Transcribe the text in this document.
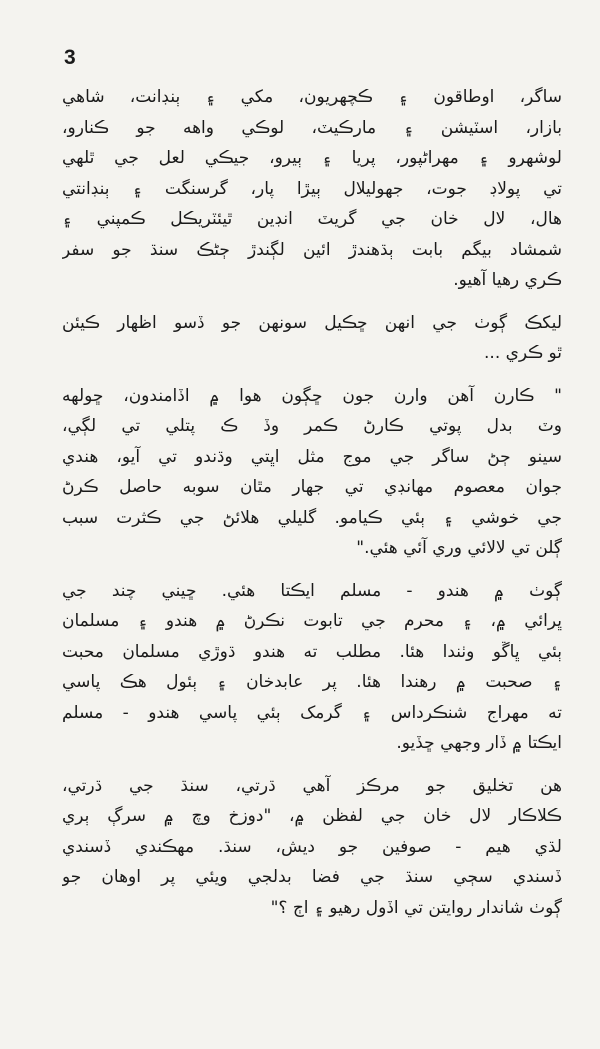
3
ساگر، اوطاقون ۽ ڪچهريون، مکي ۽ ٻنڊانت، شاهي
بازار، اسٽيشن ۽ مارڪيٽ، لوڪي واهه جو ڪنارو،
لوشهرو ۽ مهراڻپور، پريا ۽ ٻيرو، جيڪي لعل جي ٿلهي
تي پولاڊ جوت، جهوليلال ٻيڙا پار، گرسنگت ۽ ٻنڊانتي
هال، لال خان جي گريٽ انڊين ٿيئٽريڪل ڪمپني ۽
شمشاد بيگم بابت ٻڌهندڙ ائين لڳندڙ ڄڻڪ سنڌ جو سفر
ڪري رهيا آهيو.
ليکڪ ڳوٺ جي انهن ڇڪيل سونهن جو ڏسو اظهار ڪيئن
ٿو ڪري ...
" ڪارن آهن وارن جون ڇڳون هوا ۾ اڏامندون، ڇولهه
وٽ بدل پوتي ڪارڻ ڪمر وڏ ڪ پتلي تي لڳي،
سينو ڄڻ ساگر جي موج مثل اڀتي وڌندو تي آيو، هندي
جوان معصوم مهانڊي تي جهار مٿان سوبه حاصل ڪرڻ
جي خوشي ۽ ٻئي ڪيامو. گليلي هلائڻ جي ڪثرت سبب
ڳلن تي لالائي وري آئي هئي."
ڳوٺ ۾ هندو - مسلم ايڪتا هئي. ڇيني چند جي
ڀرائي ۾، ۽ محرم جي تابوت نڪرڻ ۾ هندو ۽ مسلمان
ٻئي ڀاڱو وٺندا هئا. مطلب ته هندو ڌوڙي مسلمان محبت
۽ صحبت ۾ رهندا هئا. پر عابدخان ۽ ٻئول هڪ پاسي
ته مهراج شنڪرداس ۽ گرمک ٻئي پاسي هندو - مسلم
ايڪتا ۾ ڏار وجهي ڇڏيو.
هن تخليق جو مرڪز آهي ڌرتي، سنڌ جي ڌرتي،
ڪلاڪار لال خان جي لفظن ۾، "دوزخ وچ ۾ سرڳ ٻري
لڌي هيم - صوفين جو ديش، سنڌ. مهڪندي ڏسندي
ڏسندي سڄي سنڌ جي فضا بدلجي ويئي پر اوهان جو
ڳوٺ شاندار روايتن تي اڏول رهيو ۽ اڄ ؟"
